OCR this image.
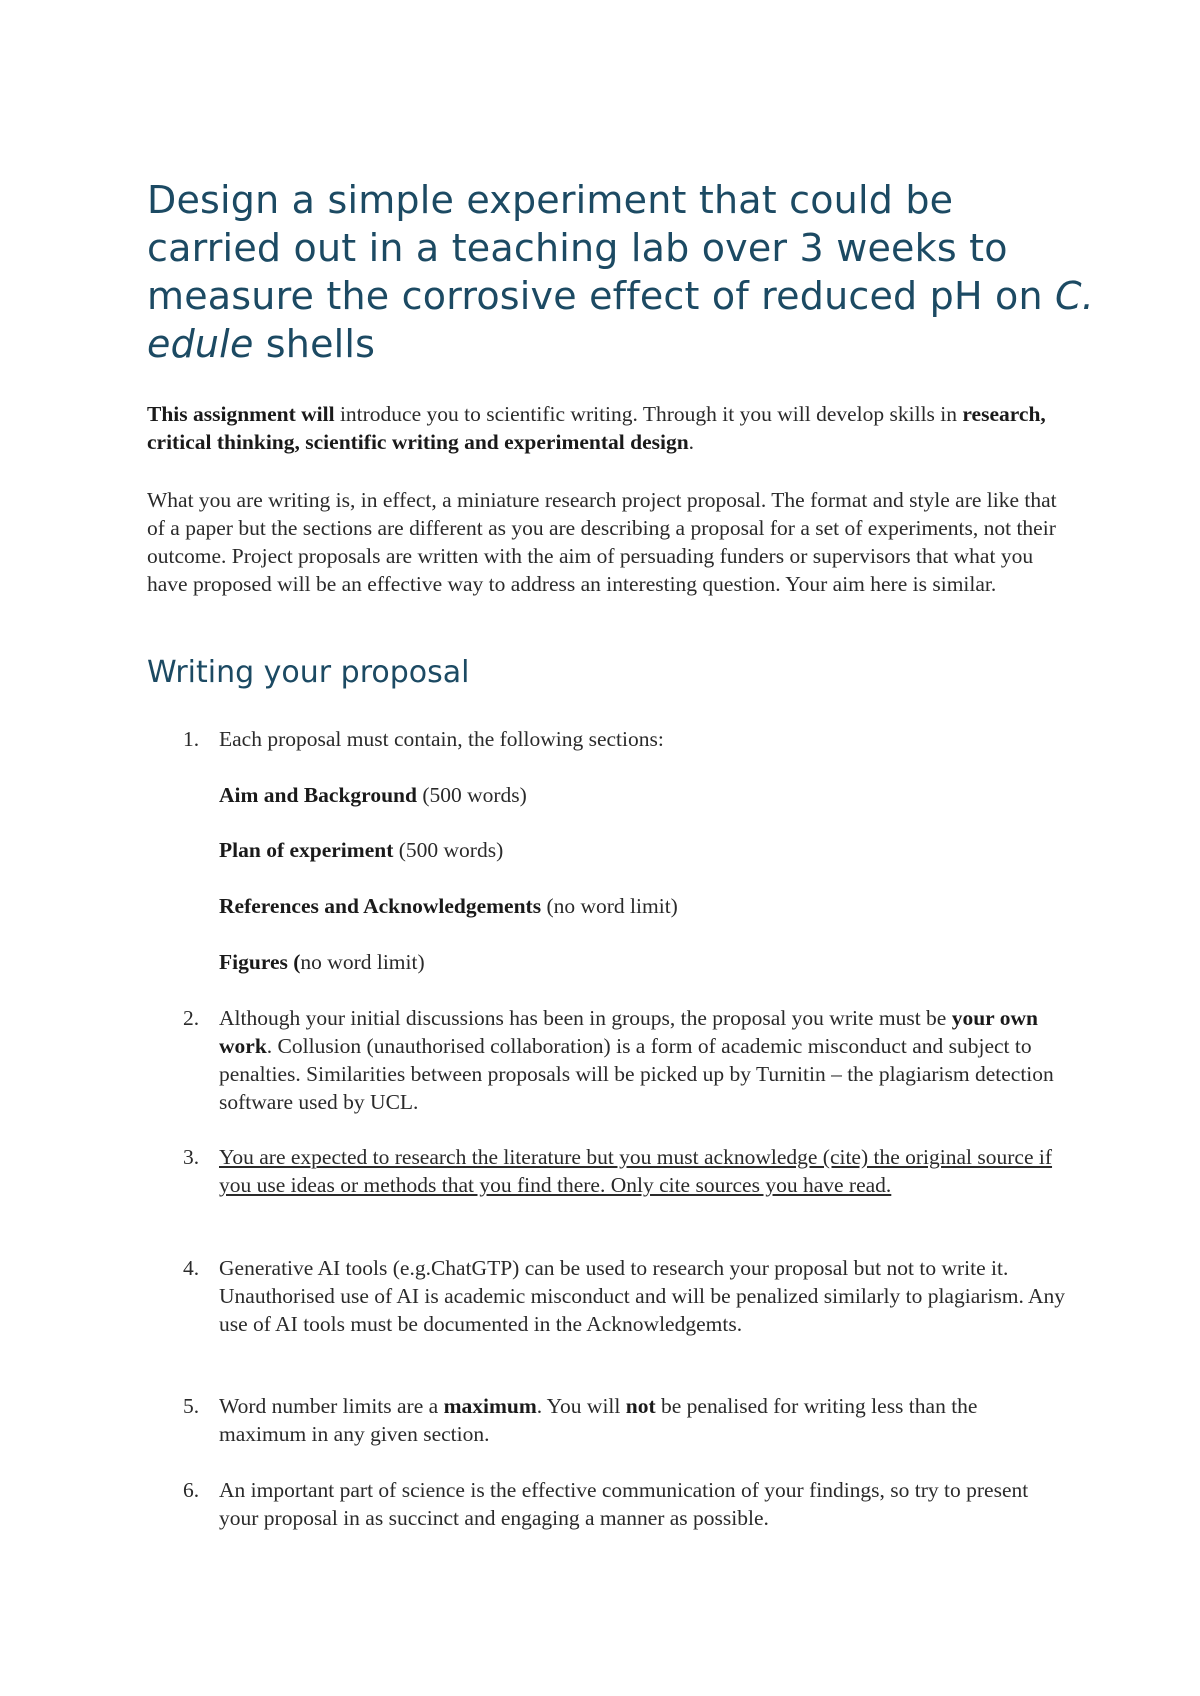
Design a simple experiment that could be carried out in a teaching lab over 3 weeks to measure the corrosive effect of reduced pH on C. edule shells

This assignment will introduce you to scientific writing. Through it you will develop skills in research, critical thinking, scientific writing and experimental design.

What you are writing is, in effect, a miniature research project proposal. The format and style are like that of a paper but the sections are different as you are describing a proposal for a set of experiments, not their outcome. Project proposals are written with the aim of persuading funders or supervisors that what you have proposed will be an effective way to address an interesting question. Your aim here is similar.

Writing your proposal
1. Each proposal must contain, the following sections:
Aim and Background (500 words)
Plan of experiment (500 words)
References and Acknowledgements (no word limit)
Figures (no word limit)
2. Although your initial discussions has been in groups, the proposal you write must be your own work. Collusion (unauthorised collaboration) is a form of academic misconduct and subject to penalties. Similarities between proposals will be picked up by Turnitin – the plagiarism detection software used by UCL.
3. You are expected to research the literature but you must acknowledge (cite) the original source if you use ideas or methods that you find there. Only cite sources you have read.
4. Generative AI tools (e.g.ChatGTP) can be used to research your proposal but not to write it. Unauthorised use of AI is academic misconduct and will be penalized similarly to plagiarism. Any use of AI tools must be documented in the Acknowledgemts.
5. Word number limits are a maximum. You will not be penalised for writing less than the maximum in any given section.
6. An important part of science is the effective communication of your findings, so try to present your proposal in as succinct and engaging a manner as possible.
